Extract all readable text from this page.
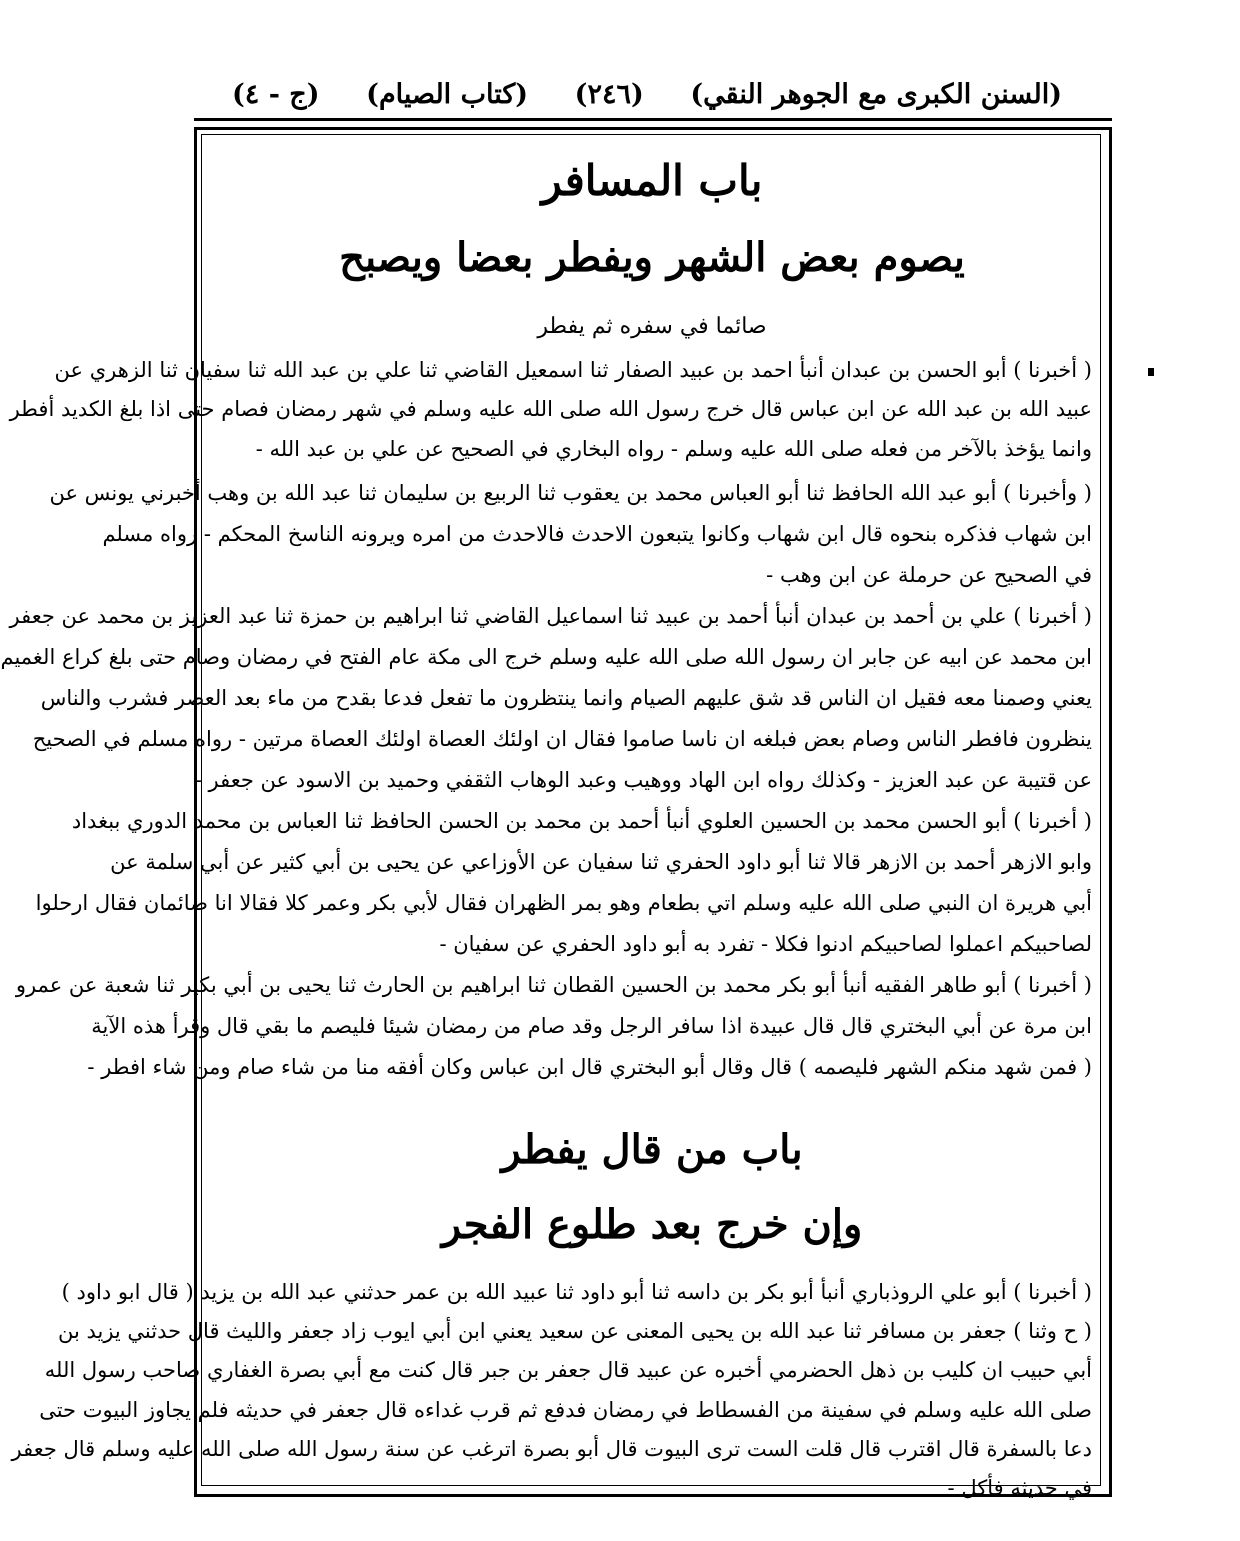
(السنن الكبرى مع الجوهر النقي)
(٢٤٦)
(كتاب الصيام)
(ج - ٤)
باب المسافر
يصوم بعض الشهر ويفطر بعضا ويصبح
صائما في سفره ثم يفطر
( أخبرنا ) أبو الحسن بن عبدان أنبأ احمد بن عبيد الصفار ثنا اسمعيل القاضي ثنا علي بن عبد الله ثنا سفيان ثنا الزهري عن
عبيد الله بن عبد الله عن ابن عباس قال خرج رسول الله صلى الله عليه وسلم في شهر رمضان فصام حتى اذا بلغ الكديد أفطر
وانما يؤخذ بالآخر من فعله صلى الله عليه وسلم - رواه البخاري في الصحيح عن علي بن عبد الله -
( وأخبرنا ) أبو عبد الله الحافظ ثنا أبو العباس محمد بن يعقوب ثنا الربيع بن سليمان ثنا عبد الله بن وهب أخبرني يونس عن
ابن شهاب فذكره بنحوه قال ابن شهاب وكانوا يتبعون الاحدث فالاحدث من امره ويرونه الناسخ المحكم - رواه مسلم
في الصحيح عن حرملة عن ابن وهب -
( أخبرنا ) علي بن أحمد بن عبدان أنبأ أحمد بن عبيد ثنا اسماعيل القاضي ثنا ابراهيم بن حمزة ثنا عبد العزيز بن محمد عن جعفر
ابن محمد عن ابيه عن جابر ان رسول الله صلى الله عليه وسلم خرج الى مكة عام الفتح في رمضان وصام حتى بلغ كراع الغميم
يعني وصمنا معه فقيل ان الناس قد شق عليهم الصيام وانما ينتظرون ما تفعل فدعا بقدح من ماء بعد العصر فشرب والناس
ينظرون فافطر الناس وصام بعض فبلغه ان ناسا صاموا فقال ان اولئك العصاة اولئك العصاة مرتين - رواه مسلم في الصحيح
عن قتيبة عن عبد العزيز - وكذلك رواه ابن الهاد ووهيب وعبد الوهاب الثقفي وحميد بن الاسود عن جعفر -
( أخبرنا ) أبو الحسن محمد بن الحسين العلوي أنبأ أحمد بن محمد بن الحسن الحافظ ثنا العباس بن محمد الدوري ببغداد
وابو الازهر أحمد بن الازهر قالا ثنا أبو داود الحفري ثنا سفيان عن الأوزاعي عن يحيى بن أبي كثير عن أبي سلمة عن
أبي هريرة ان النبي صلى الله عليه وسلم اتي بطعام وهو بمر الظهران فقال لأبي بكر وعمر كلا فقالا انا صائمان فقال ارحلوا
لصاحبيكم اعملوا لصاحبيكم ادنوا فكلا - تفرد به أبو داود الحفري عن سفيان -
( أخبرنا ) أبو طاهر الفقيه أنبأ أبو بكر محمد بن الحسين القطان ثنا ابراهيم بن الحارث ثنا يحيى بن أبي بكير ثنا شعبة عن عمرو
ابن مرة عن أبي البختري قال قال عبيدة اذا سافر الرجل وقد صام من رمضان شيئا فليصم ما بقي قال وقرأ هذه الآية
( فمن شهد منكم الشهر فليصمه ) قال وقال أبو البختري قال ابن عباس وكان أفقه منا من شاء صام ومن شاء افطر -
باب من قال يفطر
وإن خرج بعد طلوع الفجر
( أخبرنا ) أبو علي الروذباري أنبأ أبو بكر بن داسه ثنا أبو داود ثنا عبيد الله بن عمر حدثني عبد الله بن يزيد ( قال ابو داود )
( ح وثنا ) جعفر بن مسافر ثنا عبد الله بن يحيى المعنى عن سعيد يعني ابن أبي ايوب زاد جعفر والليث قال حدثني يزيد بن
أبي حبيب ان كليب بن ذهل الحضرمي أخبره عن عبيد قال جعفر بن جبر قال كنت مع أبي بصرة الغفاري صاحب رسول الله
صلى الله عليه وسلم في سفينة من الفسطاط في رمضان فدفع ثم قرب غداءه قال جعفر في حديثه فلم يجاوز البيوت حتى
دعا بالسفرة قال اقترب قال قلت الست ترى البيوت قال أبو بصرة اترغب عن سنة رسول الله صلى الله عليه وسلم قال جعفر
في حديثه فأكل -
